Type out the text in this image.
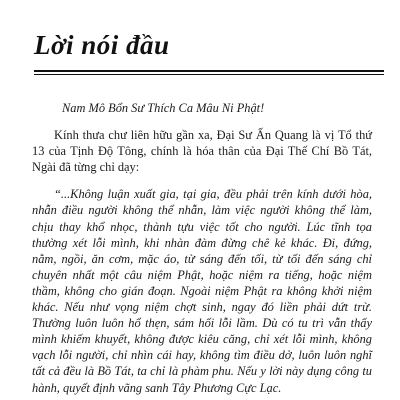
Lời nói đầu

Nam Mô Bổn Sư Thích Ca Mâu Ni Phật!

Kính thưa chư liên hữu gần xa, Đại Sư Ấn Quang là vị Tổ thứ 13 của Tịnh Độ Tông, chính là hóa thân của Đại Thế Chí Bồ Tát, Ngài đã từng chỉ dạy:

“...Không luận xuất gia, tại gia, đều phải trên kính dưới hòa, nhẫn điều người không thể nhẫn, làm việc người không thể làm, chịu thay khổ nhọc, thành tựu việc tốt cho người. Lúc tĩnh tọa thường xét lỗi mình, khi nhàn đàm đừng chê kẻ khác. Đi, đứng, nằm, ngồi, ăn cơm, mặc áo, từ sáng đến tối, từ tối đến sáng chỉ chuyên nhất một câu niệm Phật, hoặc niệm ra tiếng, hoặc niệm thầm, không cho gián đoạn. Ngoài niệm Phật ra không khởi niệm khác. Nếu như vọng niệm chợt sinh, ngay đó liền phải dứt trừ. Thường luôn luôn hổ thẹn, sám hối lỗi lầm. Dù có tu trì vẫn thấy mình khiếm khuyết, không được kiêu căng, chỉ xét lỗi mình, không vạch lỗi người, chỉ nhìn cái hay, không tìm điều dở, luôn luôn nghĩ tất cả đều là Bồ Tát, ta chỉ là phàm phu. Nếu y lời này dụng công tu hành, quyết định vãng sanh Tây Phương Cực Lạc.
